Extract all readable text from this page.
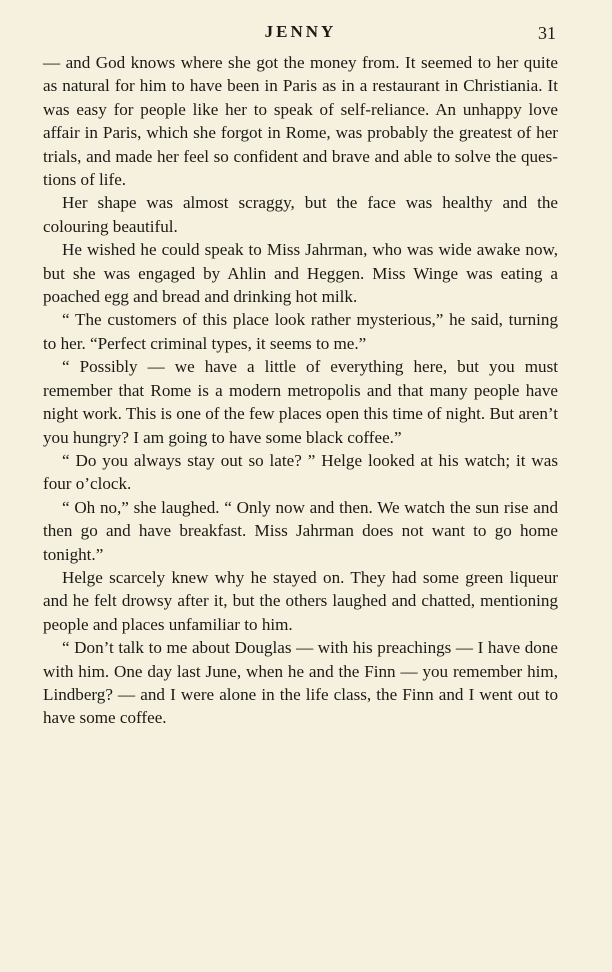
JENNY	31

— and God knows where she got the money from. It seemed to her quite as natural for him to have been in Paris as in a restaurant in Christiania. It was easy for people like her to speak of self-reliance. An unhappy love affair in Paris, which she forgot in Rome, was probably the greatest of her trials, and made her feel so confident and brave and able to solve the questions of life.

Her shape was almost scraggy, but the face was healthy and the colouring beautiful.

He wished he could speak to Miss Jahrman, who was wide awake now, but she was engaged by Ahlin and Heggen. Miss Winge was eating a poached egg and bread and drinking hot milk.

“ The customers of this place look rather mysterious,” he said, turning to her. “Perfect criminal types, it seems to me.”

“ Possibly — we have a little of everything here, but you must remember that Rome is a modern metropolis and that many people have night work. This is one of the few places open this time of night. But aren’t you hungry? I am going to have some black coffee.”

“ Do you always stay out so late? ” Helge looked at his watch; it was four o’clock.

“ Oh no,” she laughed. “ Only now and then. We watch the sun rise and then go and have breakfast. Miss Jahrman does not want to go home tonight.”

Helge scarcely knew why he stayed on. They had some green liqueur and he felt drowsy after it, but the others laughed and chatted, mentioning people and places unfamiliar to him.

“ Don’t talk to me about Douglas — with his preachings — I have done with him. One day last June, when he and the Finn — you remember him, Lindberg? — and I were alone in the life class, the Finn and I went out to have some coffee.
